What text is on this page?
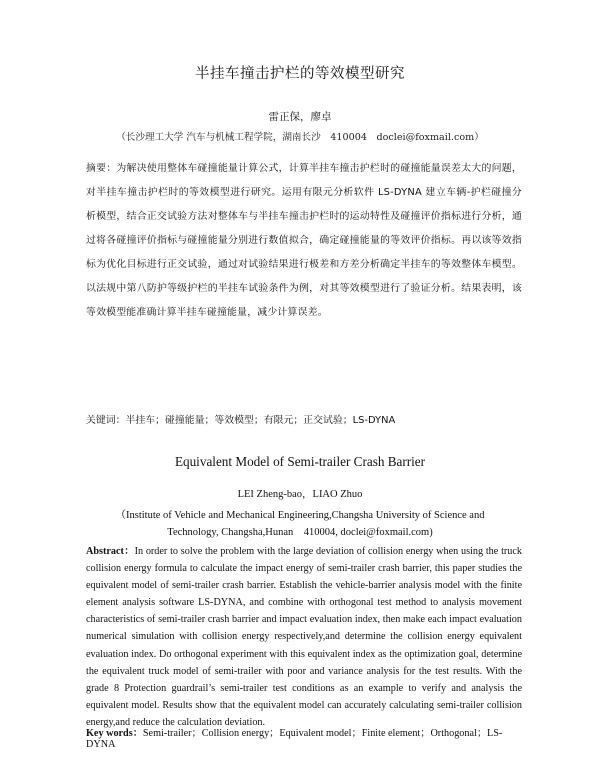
半挂车撞击护栏的等效模型研究
雷正保，廖卓
（长沙理工大学 汽车与机械工程学院，湖南长沙　410004　doclei@foxmail.com）
摘要：为解决使用整体车碰撞能量计算公式，计算半挂车撞击护栏时的碰撞能量误差太大的问题，对半挂车撞击护栏时的等效模型进行研究。运用有限元分析软件 LS-DYNA 建立车辆-护栏碰撞分析模型，结合正交试验方法对整体车与半挂车撞击护栏时的运动特性及碰撞评价指标进行分析，通过将各碰撞评价指标与碰撞能量分别进行数值拟合，确定碰撞能量的等效评价指标。再以该等效指标为优化目标进行正交试验，通过对试验结果进行极差和方差分析确定半挂车的等效整体车模型。以法规中第八防护等级护栏的半挂车试验条件为例，对其等效模型进行了验证分析。结果表明，该等效模型能准确计算半挂车碰撞能量，减少计算误差。
关键词：半挂车；碰撞能量；等效模型；有限元；正交试验；LS-DYNA
Equivalent Model of Semi-trailer Crash Barrier
LEI Zheng-bao，LIAO Zhuo
（Institute of Vehicle and Mechanical Engineering,Changsha University of Science and Technology, Changsha,Hunan　410004, doclei@foxmail.com)
Abstract：In order to solve the problem with the large deviation of collision energy when using the truck collision energy formula to calculate the impact energy of semi-trailer crash barrier, this paper studies the equivalent model of semi-trailer crash barrier. Establish the vehicle-barrier analysis model with the finite element analysis software LS-DYNA, and combine with orthogonal test method to analysis movement characteristics of semi-trailer crash barrier and impact evaluation index, then make each impact evaluation numerical simulation with collision energy respectively,and determine the collision energy equivalent evaluation index. Do orthogonal experiment with this equivalent index as the optimization goal, determine the equivalent truck model of semi-trailer with poor and variance analysis for the test results. With the grade 8 Protection guardrail’s semi-trailer test conditions as an example to verify and analysis the equivalent model. Results show that the equivalent model can accurately calculating semi-trailer collision energy,and reduce the calculation deviation.
Key words：Semi-trailer；Collision energy；Equivalent model；Finite element；Orthogonal；LS-DYNA
